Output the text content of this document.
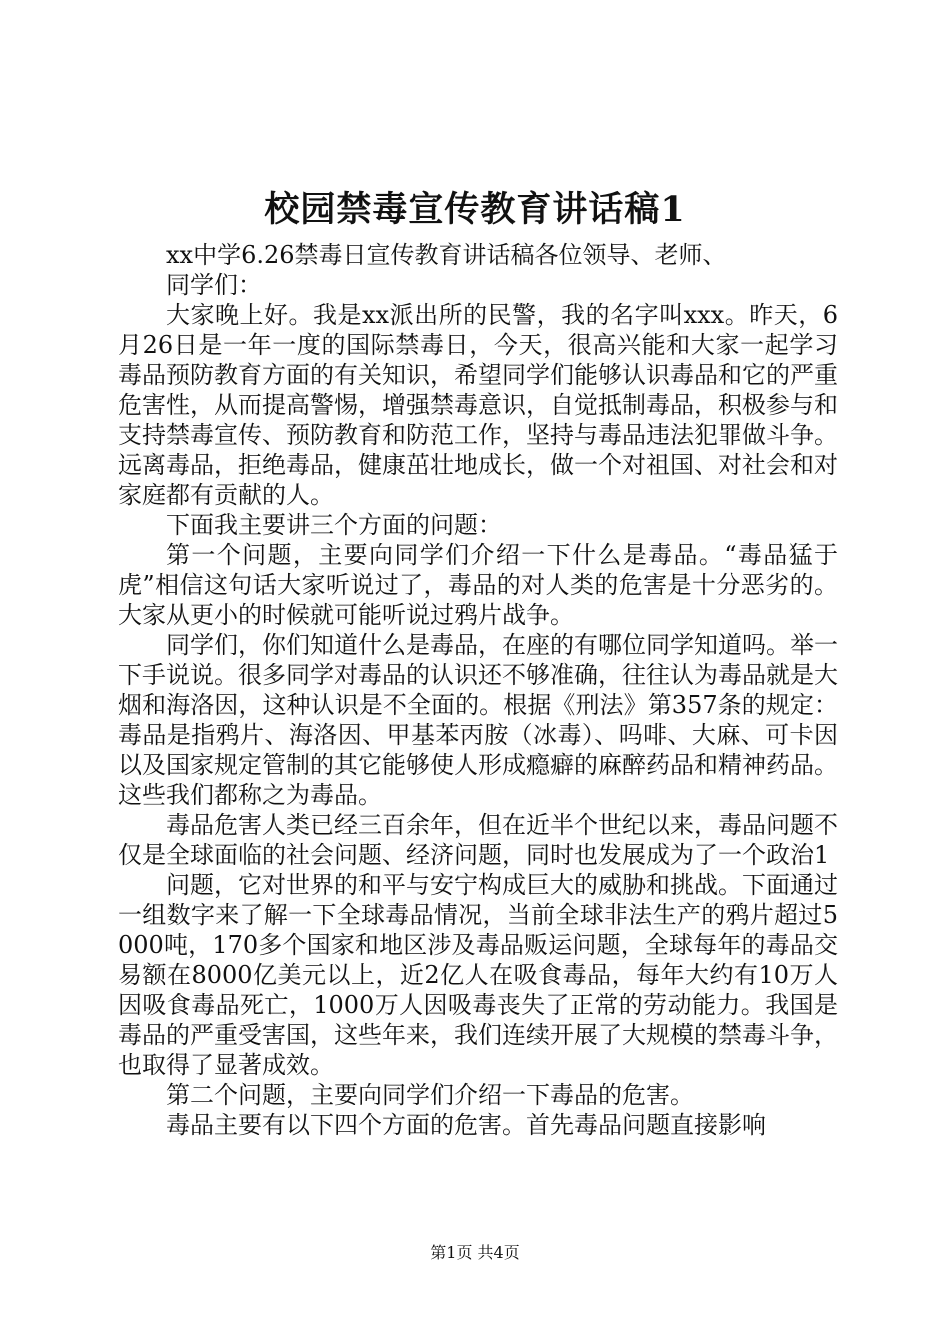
校园禁毒宣传教育讲话稿1

xx中学6.26禁毒日宣传教育讲话稿各位领导、老师、

同学们：

大家晚上好。我是xx派出所的民警，我的名字叫xxx。昨天，6月26日是一年一度的国际禁毒日，今天，很高兴能和大家一起学习毒品预防教育方面的有关知识，希望同学们能够认识毒品和它的严重危害性，从而提高警惕，增强禁毒意识，自觉抵制毒品，积极参与和支持禁毒宣传、预防教育和防范工作，坚持与毒品违法犯罪做斗争。远离毒品，拒绝毒品，健康茁壮地成长，做一个对祖国、对社会和对家庭都有贡献的人。

下面我主要讲三个方面的问题：

第一个问题，主要向同学们介绍一下什么是毒品。“毒品猛于虎”相信这句话大家听说过了，毒品的对人类的危害是十分恶劣的。大家从更小的时候就可能听说过鸦片战争。

同学们，你们知道什么是毒品，在座的有哪位同学知道吗。举一下手说说。很多同学对毒品的认识还不够准确，往往认为毒品就是大烟和海洛因，这种认识是不全面的。根据《刑法》第357条的规定：毒品是指鸦片、海洛因、甲基苯丙胺（冰毒）、吗啡、大麻、可卡因以及国家规定管制的其它能够使人形成瘾癖的麻醉药品和精神药品。这些我们都称之为毒品。

毒品危害人类已经三百余年，但在近半个世纪以来，毒品问题不仅是全球面临的社会问题、经济问题，同时也发展成为了一个政治1

问题，它对世界的和平与安宁构成巨大的威胁和挑战。下面通过一组数字来了解一下全球毒品情况，当前全球非法生产的鸦片超过5000吨，170多个国家和地区涉及毒品贩运问题，全球每年的毒品交易额在8000亿美元以上，近2亿人在吸食毒品，每年大约有10万人因吸食毒品死亡，1000万人因吸毒丧失了正常的劳动能力。我国是毒品的严重受害国，这些年来，我们连续开展了大规模的禁毒斗争，也取得了显著成效。

第二个问题，主要向同学们介绍一下毒品的危害。

毒品主要有以下四个方面的危害。首先毒品问题直接影响

第1页 共4页
